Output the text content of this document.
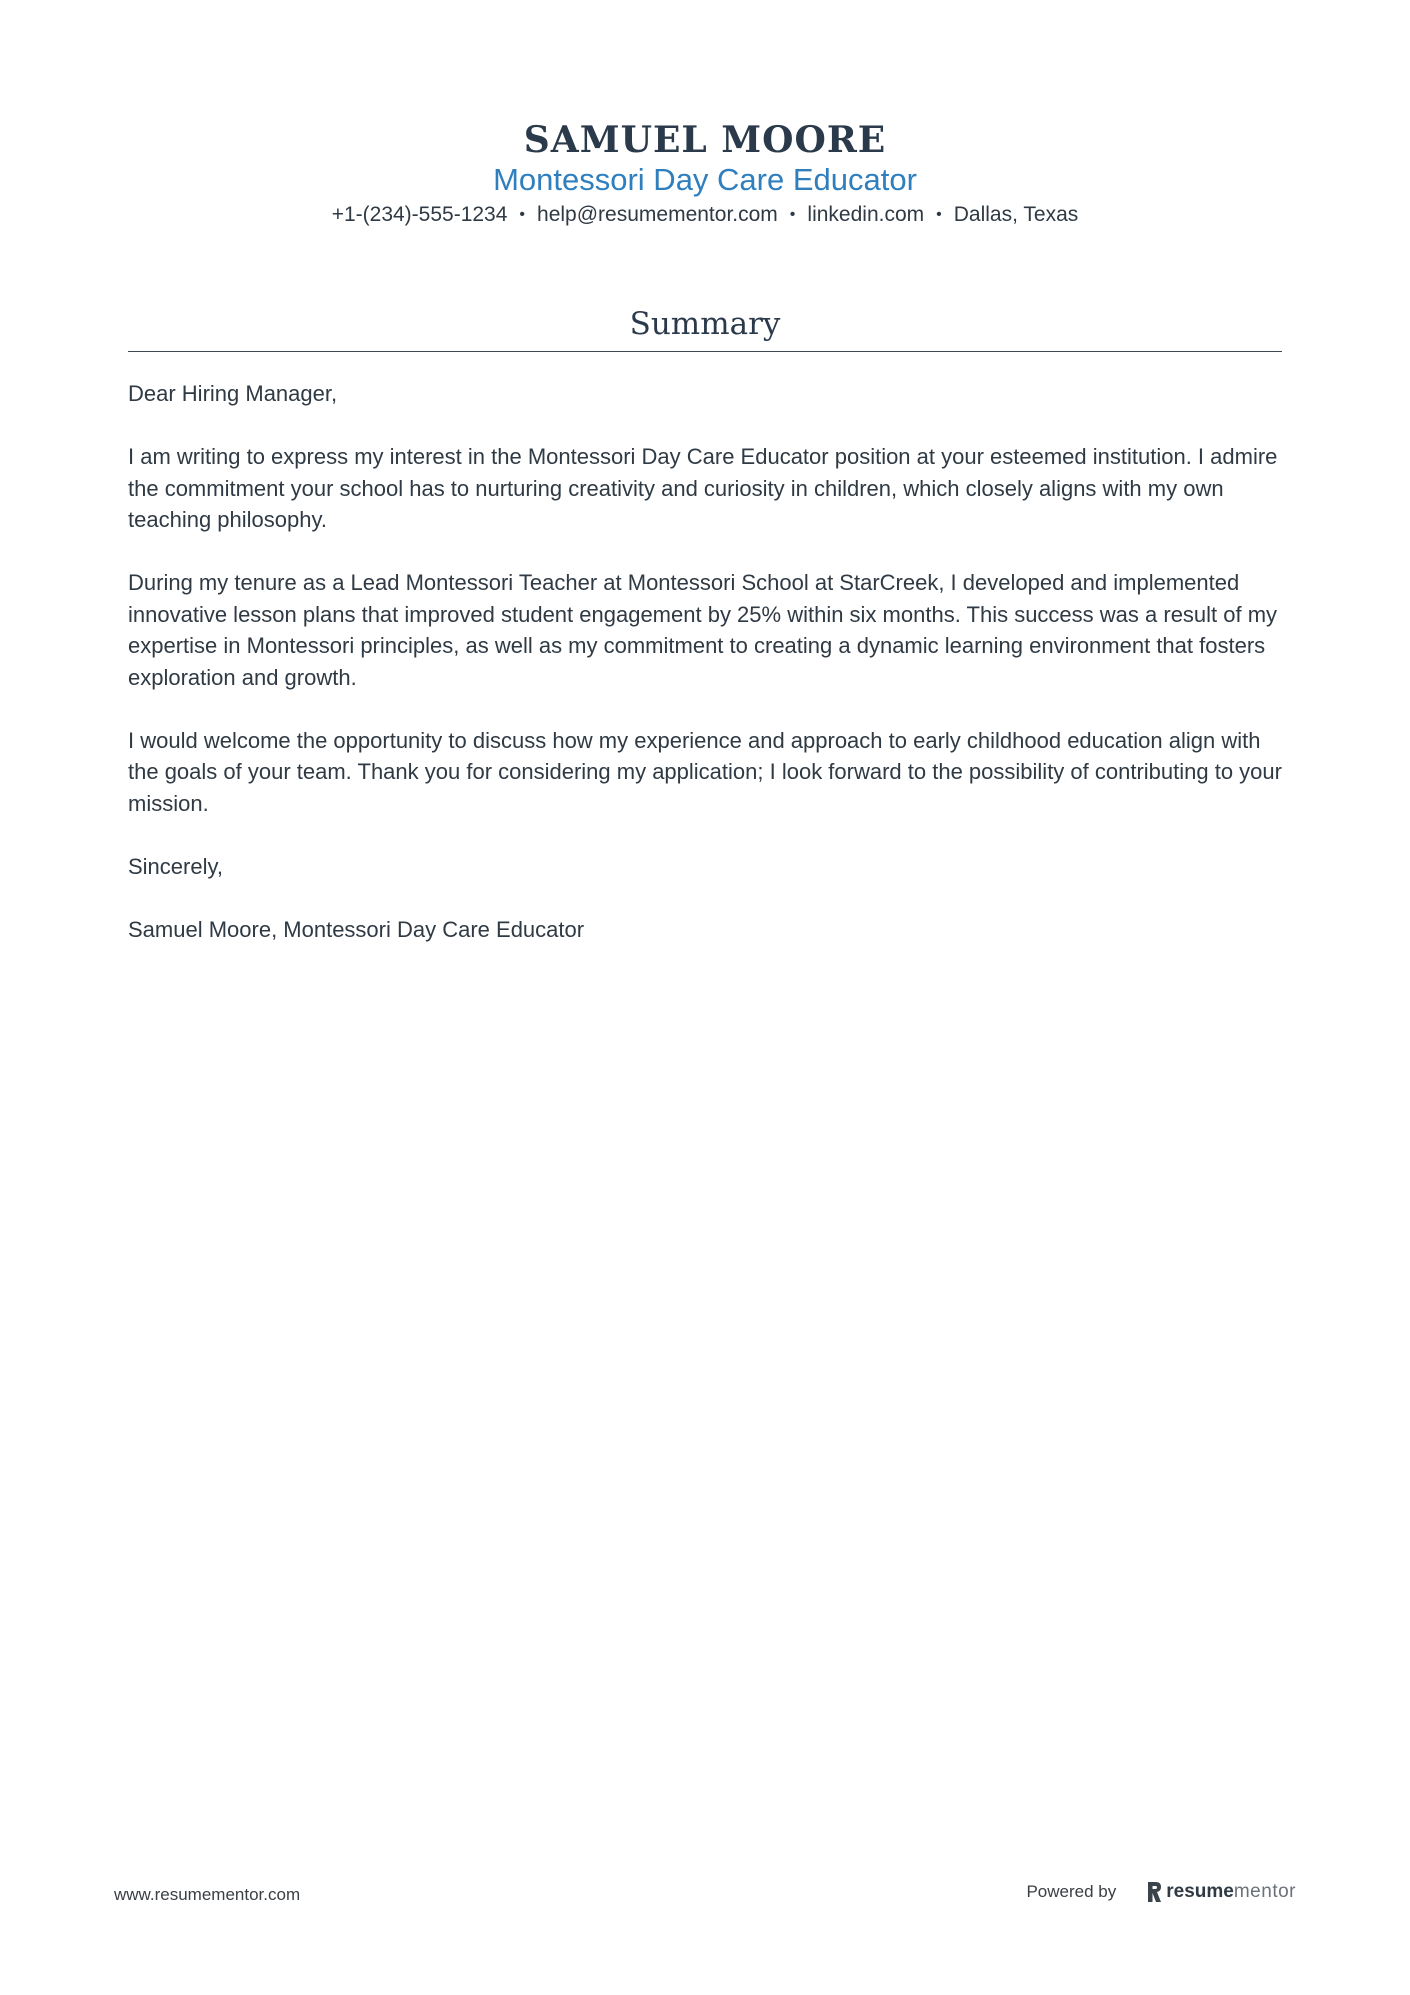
SAMUEL MOORE
Montessori Day Care Educator
+1-(234)-555-1234 • help@resumementor.com • linkedin.com • Dallas, Texas
Summary

Dear Hiring Manager,

I am writing to express my interest in the Montessori Day Care Educator position at your esteemed institution. I admire the commitment your school has to nurturing creativity and curiosity in children, which closely aligns with my own teaching philosophy.

During my tenure as a Lead Montessori Teacher at Montessori School at StarCreek, I developed and implemented innovative lesson plans that improved student engagement by 25% within six months. This success was a result of my expertise in Montessori principles, as well as my commitment to creating a dynamic learning environment that fosters exploration and growth.

I would welcome the opportunity to discuss how my experience and approach to early childhood education align with the goals of your team. Thank you for considering my application; I look forward to the possibility of contributing to your mission.

Sincerely,

Samuel Moore, Montessori Day Care Educator

www.resumementor.com	Powered by	resume mentor
